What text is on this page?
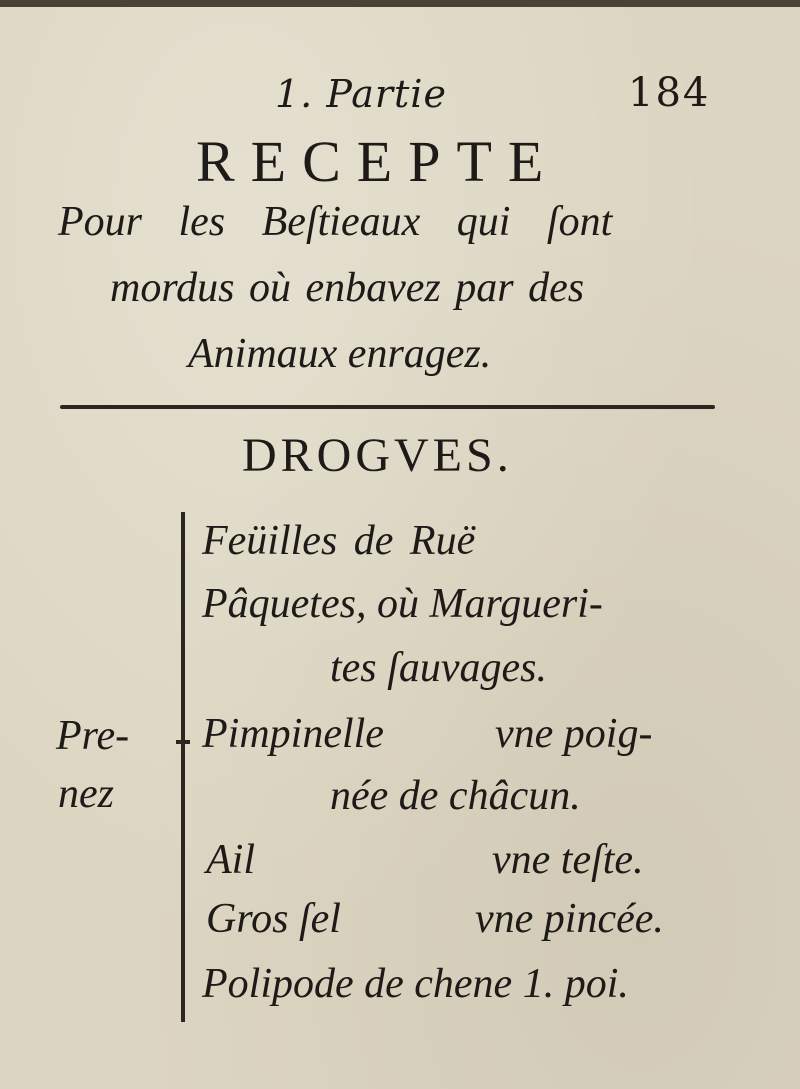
1. Partie	184
RECEPTE
Pour les Beſtieaux qui ſont
mordus où enbavez par des
Animaux enragez.
DROGVES.
Pre-
nez
Feüilles de Ruë
Pâquetes, où Margueri-
tes ſauvages.
Pimpinelle	vne poig-
née de châcun.
Ail	vne teſte.
Gros ſel	vne pincée.
Polipode de chene 1. poi.
